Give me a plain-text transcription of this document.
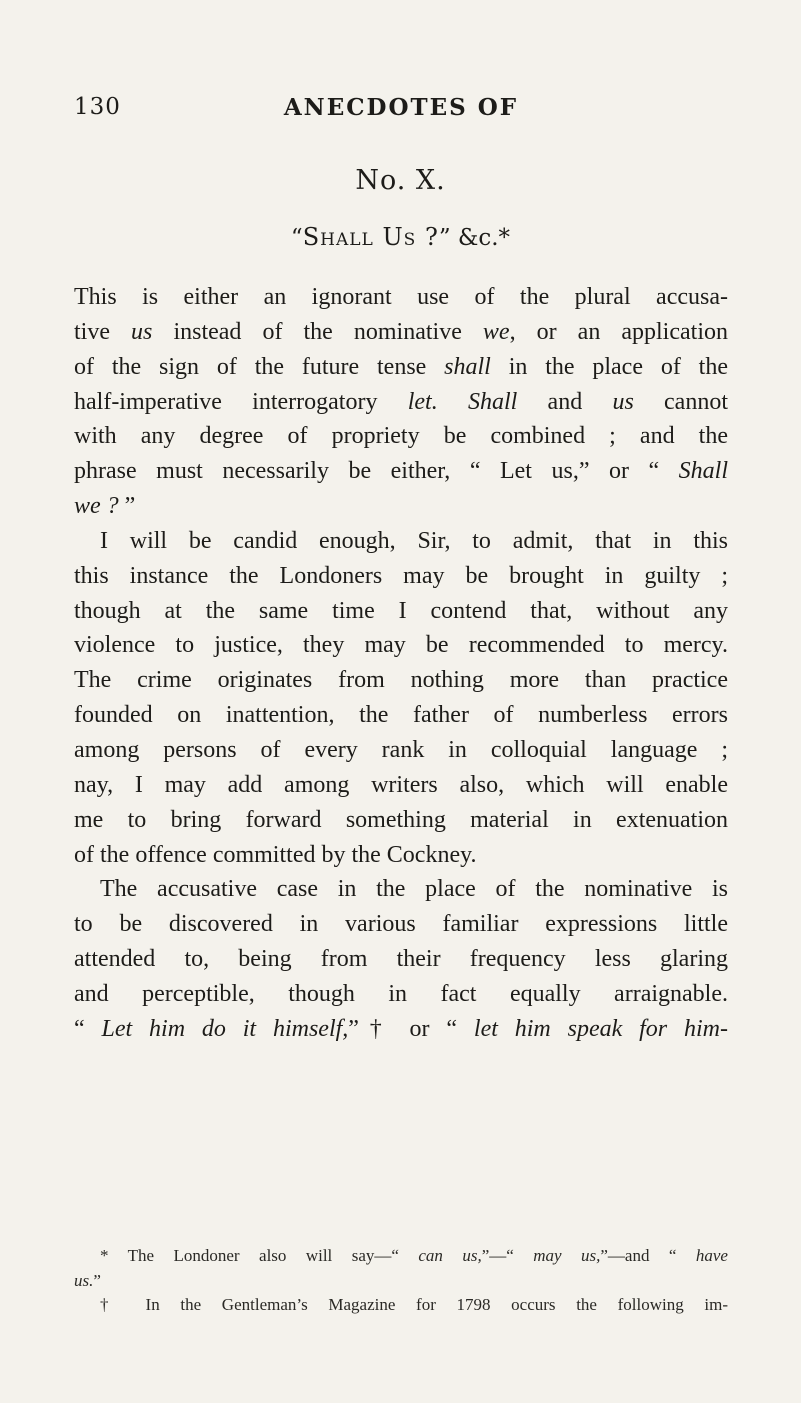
130	ANECDOTES OF
No. X.
“Shall Us ?” &c.*
This is either an ignorant use of the plural accusa-
tive us instead of the nominative we, or an application
of the sign of the future tense shall in the place of the
half-imperative interrogatory let. Shall and us cannot
with any degree of propriety be combined ; and the
phrase must necessarily be either, “ Let us,” or “ Shall
we ? ”
I will be candid enough, Sir, to admit, that in this
this instance the Londoners may be brought in guilty ;
though at the same time I contend that, without any
violence to justice, they may be recommended to mercy.
The crime originates from nothing more than practice
founded on inattention, the father of numberless errors
among persons of every rank in colloquial language ;
nay, I may add among writers also, which will enable
me to bring forward something material in extenuation
of the offence committed by the Cockney.
The accusative case in the place of the nominative is
to be discovered in various familiar expressions little
attended to, being from their frequency less glaring
and perceptible, though in fact equally arraignable.
“ Let him do it himself,”† or “ let him speak for him-
* The Londoner also will say—“ can us,”—“ may us,”—and “ have
us.”
† In the Gentleman’s Magazine for 1798 occurs the following im-
